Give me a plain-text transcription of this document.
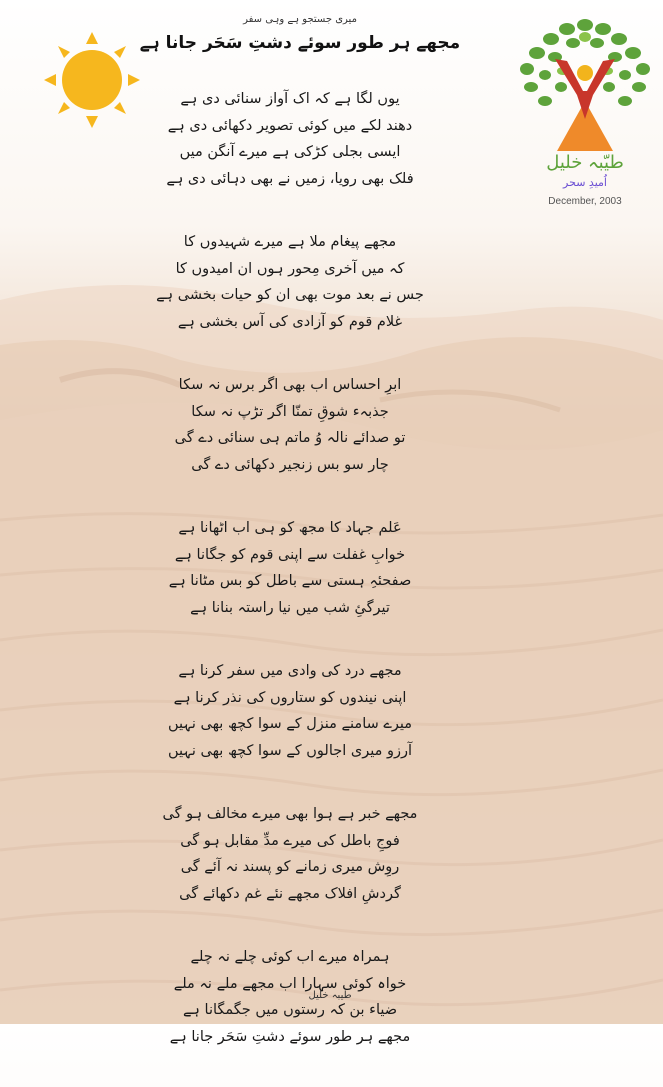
طیّبہ خلیل
اُمیدِ سحر
December, 2003
میری جستجو ہے وہی سفر
مجھے ہر طور سوئے دشتِ سَحَر جانا ہے
یوں لگا ہے کہ اک آواز سنائی دی ہے
دھند لکے میں کوئی تصویر دکھائی دی ہے
ایسی بجلی کڑکی ہے میرے آنگن میں
فلک بھی رویا، زمیں نے بھی دہائی دی ہے
مجھے پیغام ملا ہے میرے شہیدوں کا
کہ میں آخری مِحور ہوں ان امیدوں کا
جس نے بعد موت بھی ان کو حیات بخشی ہے
غلام قوم کو آزادی کی آس بخشی ہے
ابرِ احساس اب بھی اگر برس نہ سکا
جذبہء شوقِ تمنّا اگر تڑپ نہ سکا
تو صدائے نالہ وُ ماتم ہی سنائی دے گی
چار سو بس زنجیر دکھائی دے گی
عَلم جہاد کا مجھ کو ہی اب اٹھانا ہے
خوابِ غفلت سے اپنی قوم کو جگانا ہے
صفحئہِ ہستی سے باطل کو بس مٹانا ہے
تیرگئِ شب میں نیا راستہ بنانا ہے
مجھے درد کی وادی میں سفر کرنا ہے
اپنی نیندوں کو ستاروں کی نذر کرنا ہے
میرے سامنے منزل کے سوا کچھ بھی نہیں
آرزو میری اجالوں کے سوا کچھ بھی نہیں
مجھے خبر ہے ہوا بھی میرے مخالف ہو گی
فوجِ باطل کی میرے مدِّ مقابل ہو گی
روِش میری زمانے کو پسند نہ آئے گی
گردشِ افلاک مجھے نئے غم دکھائے گی
ہمراہ میرے اب کوئی چلے نہ چلے
خواہ کوئی سہارا اب مجھے ملے نہ ملے
ضیاء بن کہ رستوں میں جگمگانا ہے
مجھے ہر طور سوئے دشتِ سَحَر جانا ہے
طیبہ خلیل
